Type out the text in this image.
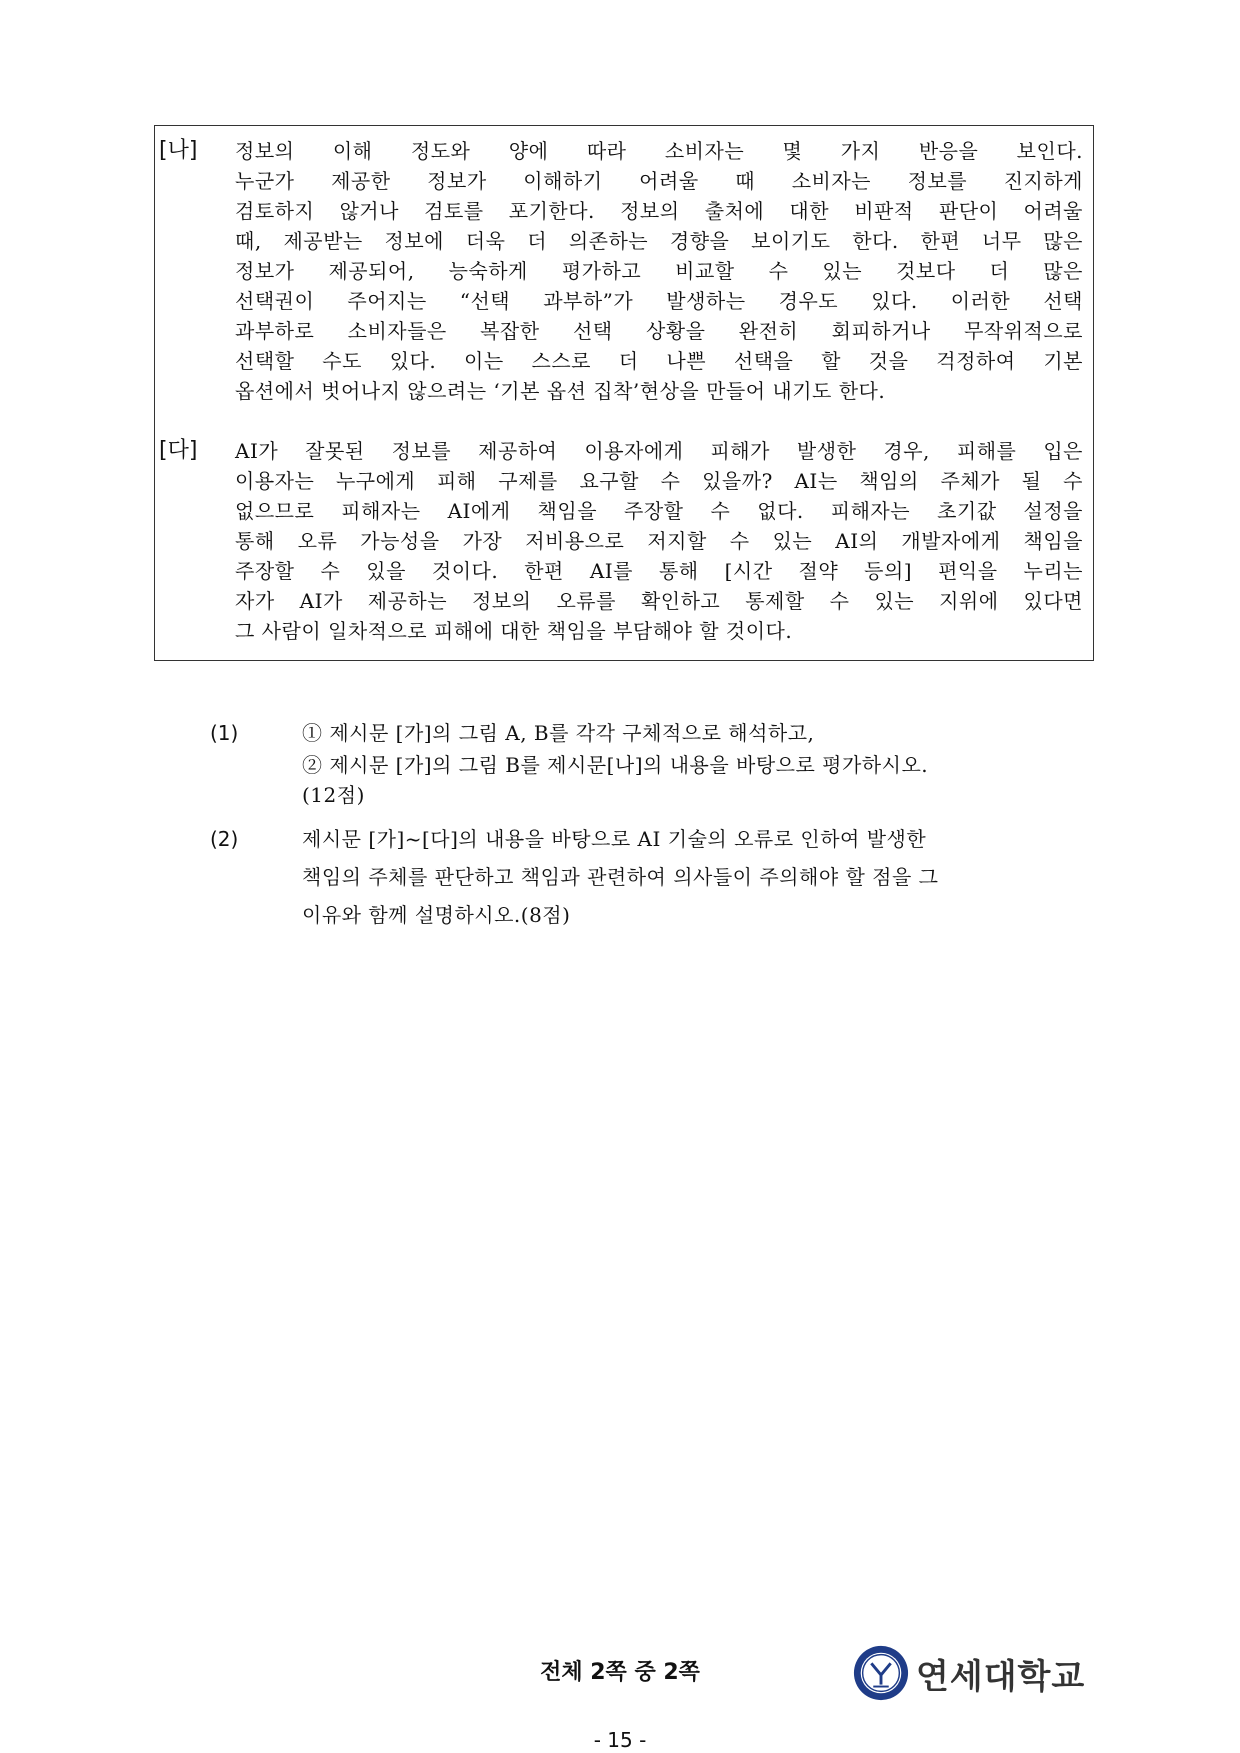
[나] 정보의 이해 정도와 양에 따라 소비자는 몇 가지 반응을 보인다.
누군가 제공한 정보가 이해하기 어려울 때 소비자는 정보를 진지하게
검토하지 않거나 검토를 포기한다. 정보의 출처에 대한 비판적 판단이 어려울
때, 제공받는 정보에 더욱 더 의존하는 경향을 보이기도 한다. 한편 너무 많은
정보가 제공되어, 능숙하게 평가하고 비교할 수 있는 것보다 더 많은
선택권이 주어지는 “선택 과부하”가 발생하는 경우도 있다. 이러한 선택
과부하로 소비자들은 복잡한 선택 상황을 완전히 회피하거나 무작위적으로
선택할 수도 있다. 이는 스스로 더 나쁜 선택을 할 것을 걱정하여 기본
옵션에서 벗어나지 않으려는 ‘기본 옵션 집착’현상을 만들어 내기도 한다.
[다] AI가 잘못된 정보를 제공하여 이용자에게 피해가 발생한 경우, 피해를 입은
이용자는 누구에게 피해 구제를 요구할 수 있을까? AI는 책임의 주체가 될 수
없으므로 피해자는 AI에게 책임을 주장할 수 없다. 피해자는 초기값 설정을
통해 오류 가능성을 가장 저비용으로 저지할 수 있는 AI의 개발자에게 책임을
주장할 수 있을 것이다. 한편 AI를 통해 [시간 절약 등의] 편익을 누리는
자가 AI가 제공하는 정보의 오류를 확인하고 통제할 수 있는 지위에 있다면
그 사람이 일차적으로 피해에 대한 책임을 부담해야 할 것이다.
(1)	① 제시문 [가]의 그림 A, B를 각각 구체적으로 해석하고,
② 제시문 [가]의 그림 B를 제시문[나]의 내용을 바탕으로 평가하시오.
(12점)
(2)	제시문 [가]~[다]의 내용을 바탕으로 AI 기술의 오류로 인하여 발생한
책임의 주체를 판단하고 책임과 관련하여 의사들이 주의해야 할 점을 그
이유와 함께 설명하시오.(8점)
전체 2쪽 중 2쪽	연세대학교
- 15 -
